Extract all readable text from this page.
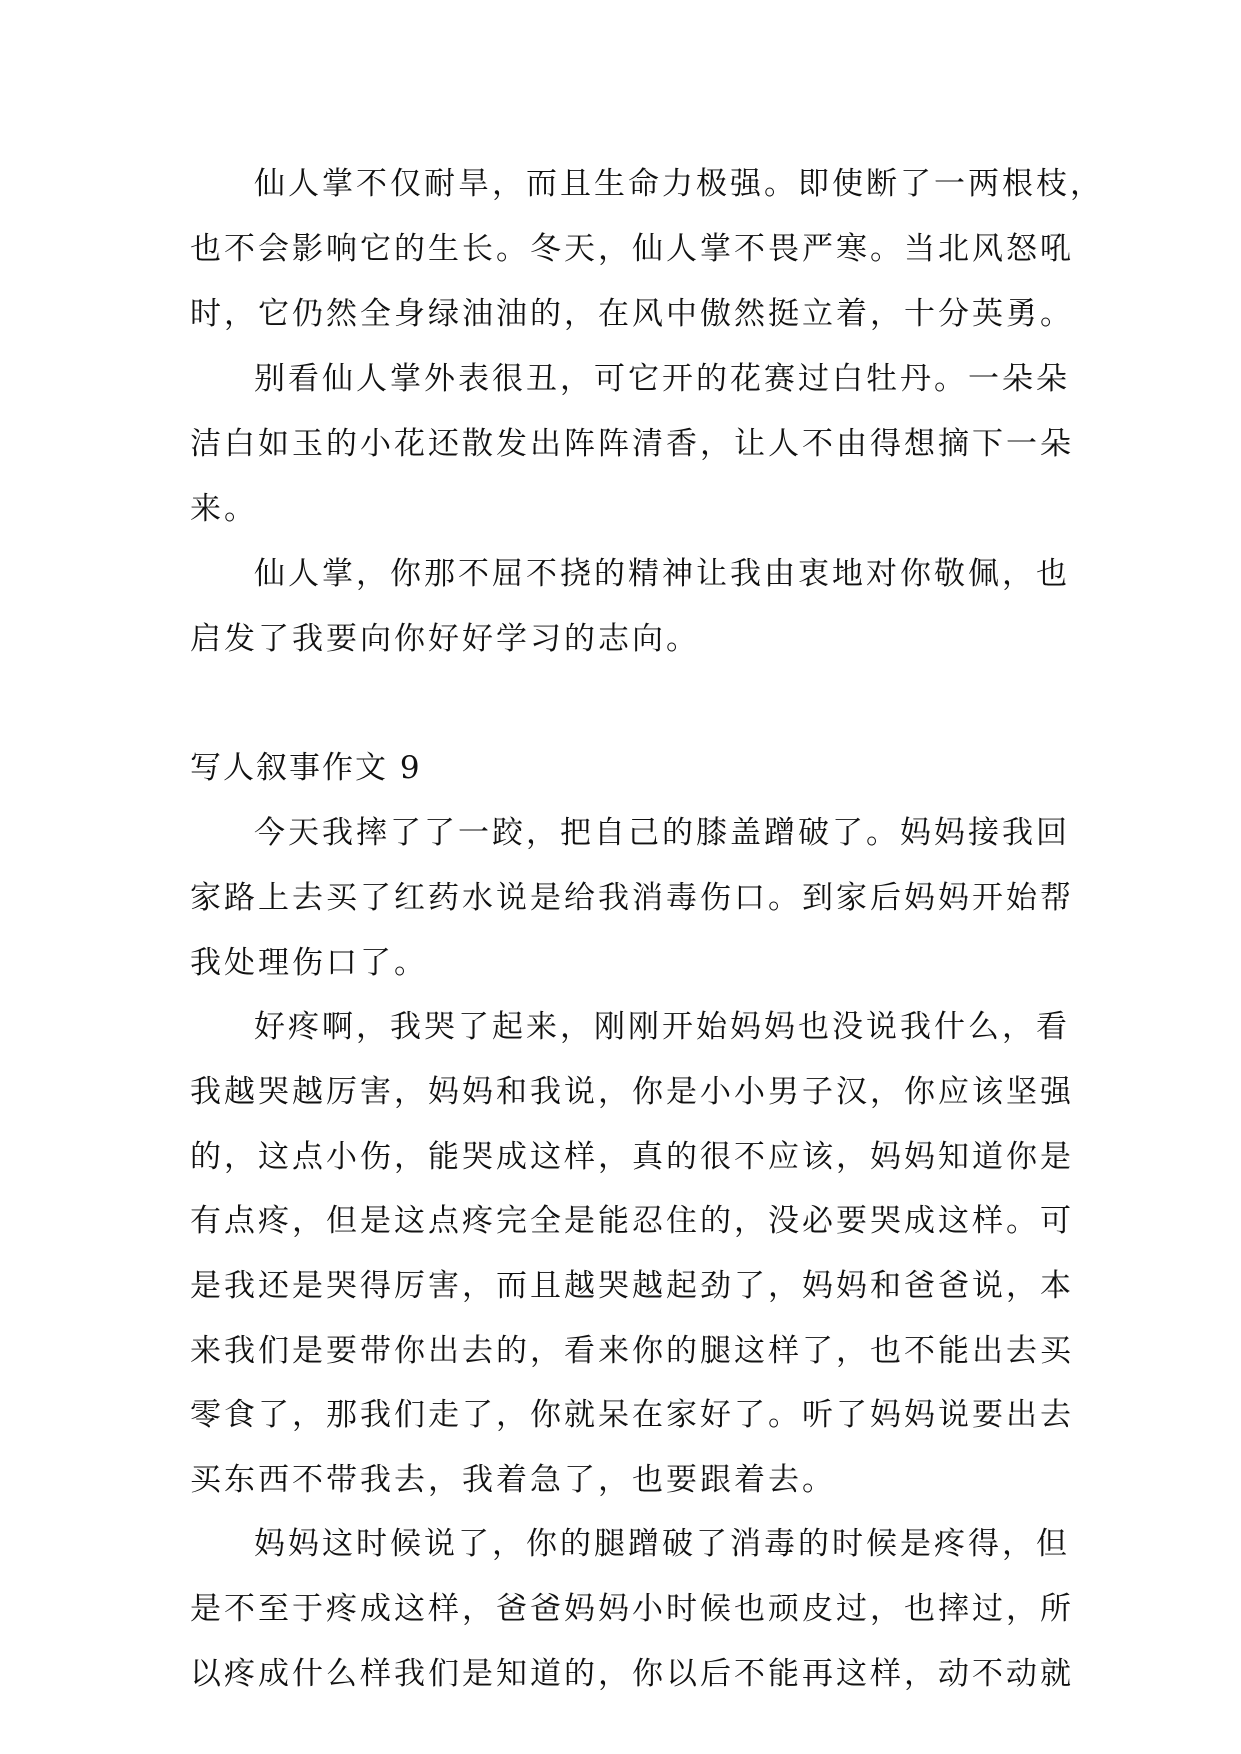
仙人掌不仅耐旱，而且生命力极强。即使断了一两根枝，
也不会影响它的生长。冬天，仙人掌不畏严寒。当北风怒吼
时，它仍然全身绿油油的，在风中傲然挺立着，十分英勇。
别看仙人掌外表很丑，可它开的花赛过白牡丹。一朵朵
洁白如玉的小花还散发出阵阵清香，让人不由得想摘下一朵
来。
仙人掌，你那不屈不挠的精神让我由衷地对你敬佩，也
启发了我要向你好好学习的志向。
写人叙事作文 9
今天我摔了了一跤，把自己的膝盖蹭破了。妈妈接我回
家路上去买了红药水说是给我消毒伤口。到家后妈妈开始帮
我处理伤口了。
好疼啊，我哭了起来，刚刚开始妈妈也没说我什么，看
我越哭越厉害，妈妈和我说，你是小小男子汉，你应该坚强
的，这点小伤，能哭成这样，真的很不应该，妈妈知道你是
有点疼，但是这点疼完全是能忍住的，没必要哭成这样。可
是我还是哭得厉害，而且越哭越起劲了，妈妈和爸爸说，本
来我们是要带你出去的，看来你的腿这样了，也不能出去买
零食了，那我们走了，你就呆在家好了。听了妈妈说要出去
买东西不带我去，我着急了，也要跟着去。
妈妈这时候说了，你的腿蹭破了消毒的时候是疼得，但
是不至于疼成这样，爸爸妈妈小时候也顽皮过，也摔过，所
以疼成什么样我们是知道的，你以后不能再这样，动不动就
